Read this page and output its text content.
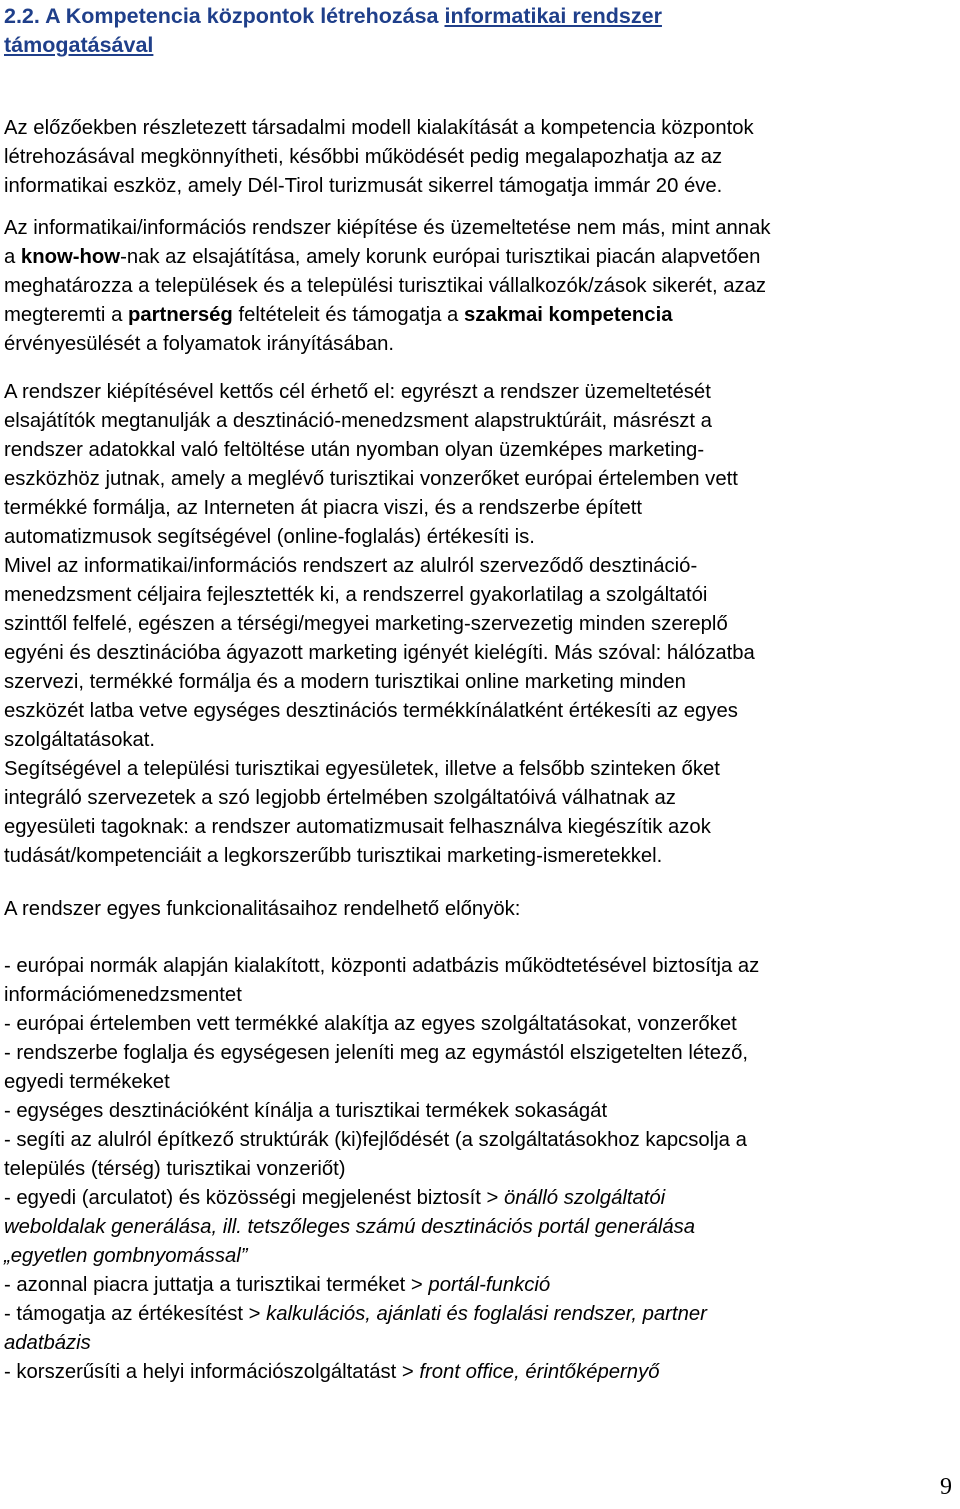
2.2. A Kompetencia központok létrehozása informatikai rendszer
támogatásával
Az előzőekben részletezett társadalmi modell kialakítását a kompetencia központok
létrehozásával megkönnyítheti, későbbi működését pedig megalapozhatja az az
informatikai eszköz, amely Dél-Tirol turizmusát sikerrel támogatja immár 20 éve.
Az informatikai/információs rendszer kiépítése és üzemeltetése nem más, mint annak
a know-how-nak az elsajátítása, amely korunk európai turisztikai piacán alapvetően
meghatározza a települések és a települési turisztikai vállalkozók/zások sikerét, azaz
megteremti a partnerség feltételeit és támogatja a szakmai kompetencia
érvényesülését a folyamatok irányításában.
A rendszer kiépítésével kettős cél érhető el: egyrészt a rendszer üzemeltetését
elsajátítók megtanulják a desztináció-menedzsment alapstruktúráit, másrészt a
rendszer adatokkal való feltöltése után nyomban olyan üzemképes marketing-
eszközhöz jutnak, amely a meglévő turisztikai vonzerőket európai értelemben vett
termékké formálja, az Interneten át piacra viszi, és a rendszerbe épített
automatizmusok segítségével (online-foglalás) értékesíti is.
Mivel az informatikai/információs rendszert az alulról szerveződő desztináció-
menedzsment céljaira fejlesztették ki, a rendszerrel gyakorlatilag a szolgáltatói
szinttől felfelé, egészen a térségi/megyei marketing-szervezetig minden szereplő
egyéni és desztinációba ágyazott marketing igényét kielégíti. Más szóval: hálózatba
szervezi, termékké formálja és a modern turisztikai online marketing minden
eszközét latba vetve egységes desztinációs termékkínálatként értékesíti az egyes
szolgáltatásokat.
Segítségével a települési turisztikai egyesületek, illetve a felsőbb szinteken őket
integráló szervezetek a szó legjobb értelmében szolgáltatóivá válhatnak az
egyesületi tagoknak: a rendszer automatizmusait felhasználva kiegészítik azok
tudását/kompetenciáit a legkorszerűbb turisztikai marketing-ismeretekkel.
A rendszer egyes funkcionalitásaihoz rendelhető előnyök:
- európai normák alapján kialakított, központi adatbázis működtetésével biztosítja az
információmenedzsmentet
- európai értelemben vett termékké alakítja az egyes szolgáltatásokat, vonzerőket
- rendszerbe foglalja és egységesen jeleníti meg az egymástól elszigetelten létező,
egyedi termékeket
- egységes desztinációként kínálja a turisztikai termékek sokaságát
- segíti az alulról építkező struktúrák (ki)fejlődését (a szolgáltatásokhoz kapcsolja a
település (térség) turisztikai vonzeriőt)
- egyedi (arculatot) és közösségi megjelenést biztosít > önálló szolgáltatói
weboldalak generálása, ill. tetszőleges számú desztinációs portál generálása
„egyetlen gombnyomással”
- azonnal piacra juttatja a turisztikai terméket > portál-funkció
- támogatja az értékesítést > kalkulációs, ajánlati és foglalási rendszer, partner
adatbázis
- korszerűsíti a helyi információszolgáltatást > front office, érintőképernyő
9
